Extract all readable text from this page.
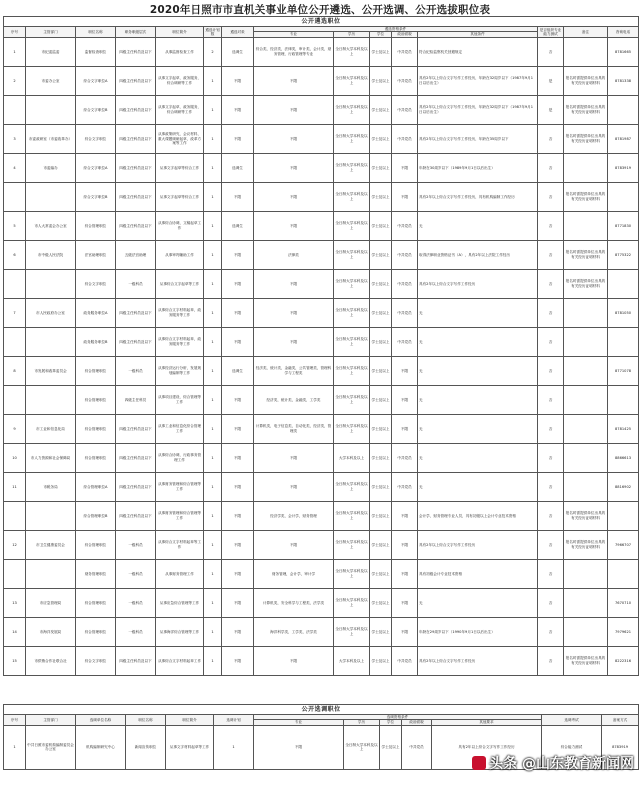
2020年日照市市直机关事业单位公开遴选、公开选调、公开选拔职位表
公开遴选职位														
序号	主管部门	职位名称	职务职级层次	职位简介	遴选计划数	遴选对象	遴选资格条件					是否组织专业能力测试	备注	咨询电话
							专业	学历	学位	政治面貌	其他条件			
1	市纪委监委	监督检查职位	四级主任科员及以下	从事监督检查工作	2	选调生	综合类，经济类，法律类，审计类，会计类，财务管理，行政管理等专业	全日制大学本科及以上	学士及以上	中共党员	符合纪检监察机关回避规定	否		8781665
2	市委办公室	综合文字职位A	四级主任科员及以下	从事文字起草，政务服务，综合调研等工作	1	不限	不限	全日制大学本科及以上	学士及以上	中共党员	具有2年以上综合文字写作工作经历，年龄在32周岁以下（1987年9月1日以后出生）	是	报名时需提供单位出具的有关经历证明材料	8781338
		综合文字职位B	四级主任科员及以下	从事文字起草，政务服务，综合调研等工作	1	不限	不限	全日制大学本科及以上	学士及以上	中共党员	具有2年以上综合文字写作工作经历，年龄在32周岁以下（1987年9月1日以后出生）	是	报名时需提供单位出具的有关经历证明材料	
3	市委政研室（市委改革办）	综合文字职位	四级主任科员及以下	从事政策研究，会议材料，重大课题调研起草，改革方案等工作	1	不限	不限	全日制大学本科及以上	学士及以上	中共党员	具有2年以上综合文字写作工作经历，年龄在35周岁以下	否	报名时需提供单位出具的有关经历证明材料	8781987
4	市委编办	综合文字职位A	四级主任科员及以下	从事文字起草等综合工作	1	选调生	不限	全日制大学本科及以上	学士及以上	不限	年龄在30周岁以下（1989年9月1日以后出生）	否		8783919
		综合文字职位B	四级主任科员及以下	从事文字起草等综合工作	1	不限	不限	全日制大学本科及以上	学士及以上	不限	具有2年以上综合文字写作工作经历，具有机构编制工作经历	否	报名时需提供单位出具的有关经历证明材料	
5	市人大常委会办公室	综合管理职位	四级主任科员及以下	从事综合协调，文稿起草工作	1	选调生	不限	全日制大学本科及以上	学士及以上	中共党员	无	否		8771830
6	市中级人民法院	法官助理职位	五级法官助理	从事审判辅助工作	1	不限	法律类	全日制大学本科及以上	学士及以上	中共党员	取得法律职业资格证书（A），具有2年以上法院工作经历	否	报名时需提供单位出具的有关经历证明材料	8775322
		综合文字职位	一级科员	从事综合文字起草等工作	1	不限	不限	全日制大学本科及以上	学士及以上	中共党员	具有2年以上综合文字写作工作经历	否	报名时需提供单位出具的有关经历证明材料	
7	市人民政府办公室	政务服务职位A	四级主任科员及以下	从事综合文字材料起草，政务服务等工作	1	不限	不限	全日制大学本科及以上	学士及以上	中共党员	无	否		8781050
		政务服务职位B	四级主任科员及以下	从事综合文字材料起草，政务服务等工作	1	不限	不限	全日制大学本科及以上	学士及以上	中共党员	无	否		
8	市发展和改革委员会	综合管理职位	一级科员	从事经济运行分析，发展规划编制等工作	1	选调生	经济类，统计类，金融类，公共管理类，管理科学与工程类	全日制大学本科及以上	学士及以上	不限	无	否		8771078
		综合管理职位	四级主任科员	从事项目建设，综合管理等工作	1	不限	经济类，统计类，金融类，工学类	全日制大学本科及以上	学士及以上	不限	无	否		
9	市工业和信息化局	综合管理职位	四级主任科员及以下	从事工业和信息化综合管理工作	1	不限	计算机类，电子信息类，自动化类，经济类，管理类	全日制大学本科及以上	学士及以上	不限	无	否		8781425
10	市人力资源和社会保障局	综合管理职位	四级主任科员及以下	从事综合协调，行政事务管理工作	1	不限	不限	大学本科及以上	学士及以上	中共党员	无	否		8866613
11	市税务局	综合管理职位A	四级主任科员及以下	从事财务管理和综合管理等工作	1	不限	不限	全日制大学本科及以上	学士及以上	中共党员	无	否		8816902
		综合管理职位B	四级主任科员及以下	从事财务管理和综合管理等工作	1	不限	经济学类，会计学，财务管理	全日制大学本科及以上	学士及以上	不限	会计学，财务管理专业人员，具有初级以上会计专业技术资格	否	报名时需提供单位出具的有关经历证明材料	
12	市卫生健康委员会	综合管理职位	一级科员	从事综合文字材料起草等工作	1	不限	不限	全日制大学本科及以上	学士及以上	不限	具有2年以上综合文字写作工作经历	否	报名时需提供单位出具的有关经历证明材料	7966707
		财务管理职位	一级科员	从事财务管理工作	1	不限	财务管理，会计学，审计学	全日制大学本科及以上	学士及以上	不限	具有初级会计专业技术资格	否		
13	市应急管理局	综合管理职位	一级科员	从事应急综合管理等工作	1	不限	计算机类，安全科学与工程类，法学类	全日制大学本科及以上	学士及以上	不限	无	否		7670710
14	市海洋发展局	综合管理职位	一级科员	从事海洋综合管理等工作	1	不限	海洋科学类，工学类，法学类	全日制大学本科及以上	学士及以上	不限	年龄在29周岁以下（1990年9月1日以后出生）	否		7979621
15	市供销合作社联合社	综合文字职位	四级主任科员及以下	从事综合文字材料起草工作	1	不限	不限	大学本科及以上	学士及以上	中共党员	具有2年以上综合文字写作工作经历	否	报名时需提供单位出具的有关经历证明材料	8222316
公开选调职位												
序号	主管部门	选调单位名称	职位名称	职位简介	选调计划	选调资格条件					选调考试	备案方式
						专业	学历	学位	政治面貌	其他要求		
1	中共日照市委机构编制委员会办公室	机构编制研究中心	新闻宣传职位	从事文字材料起草等工作	1	不限	全日制大学本科及以上	学士及以上	中共党员	具有2年以上综合文字写作工作经历	综合能力测试	8783919
头条 @山东教育新闻网
